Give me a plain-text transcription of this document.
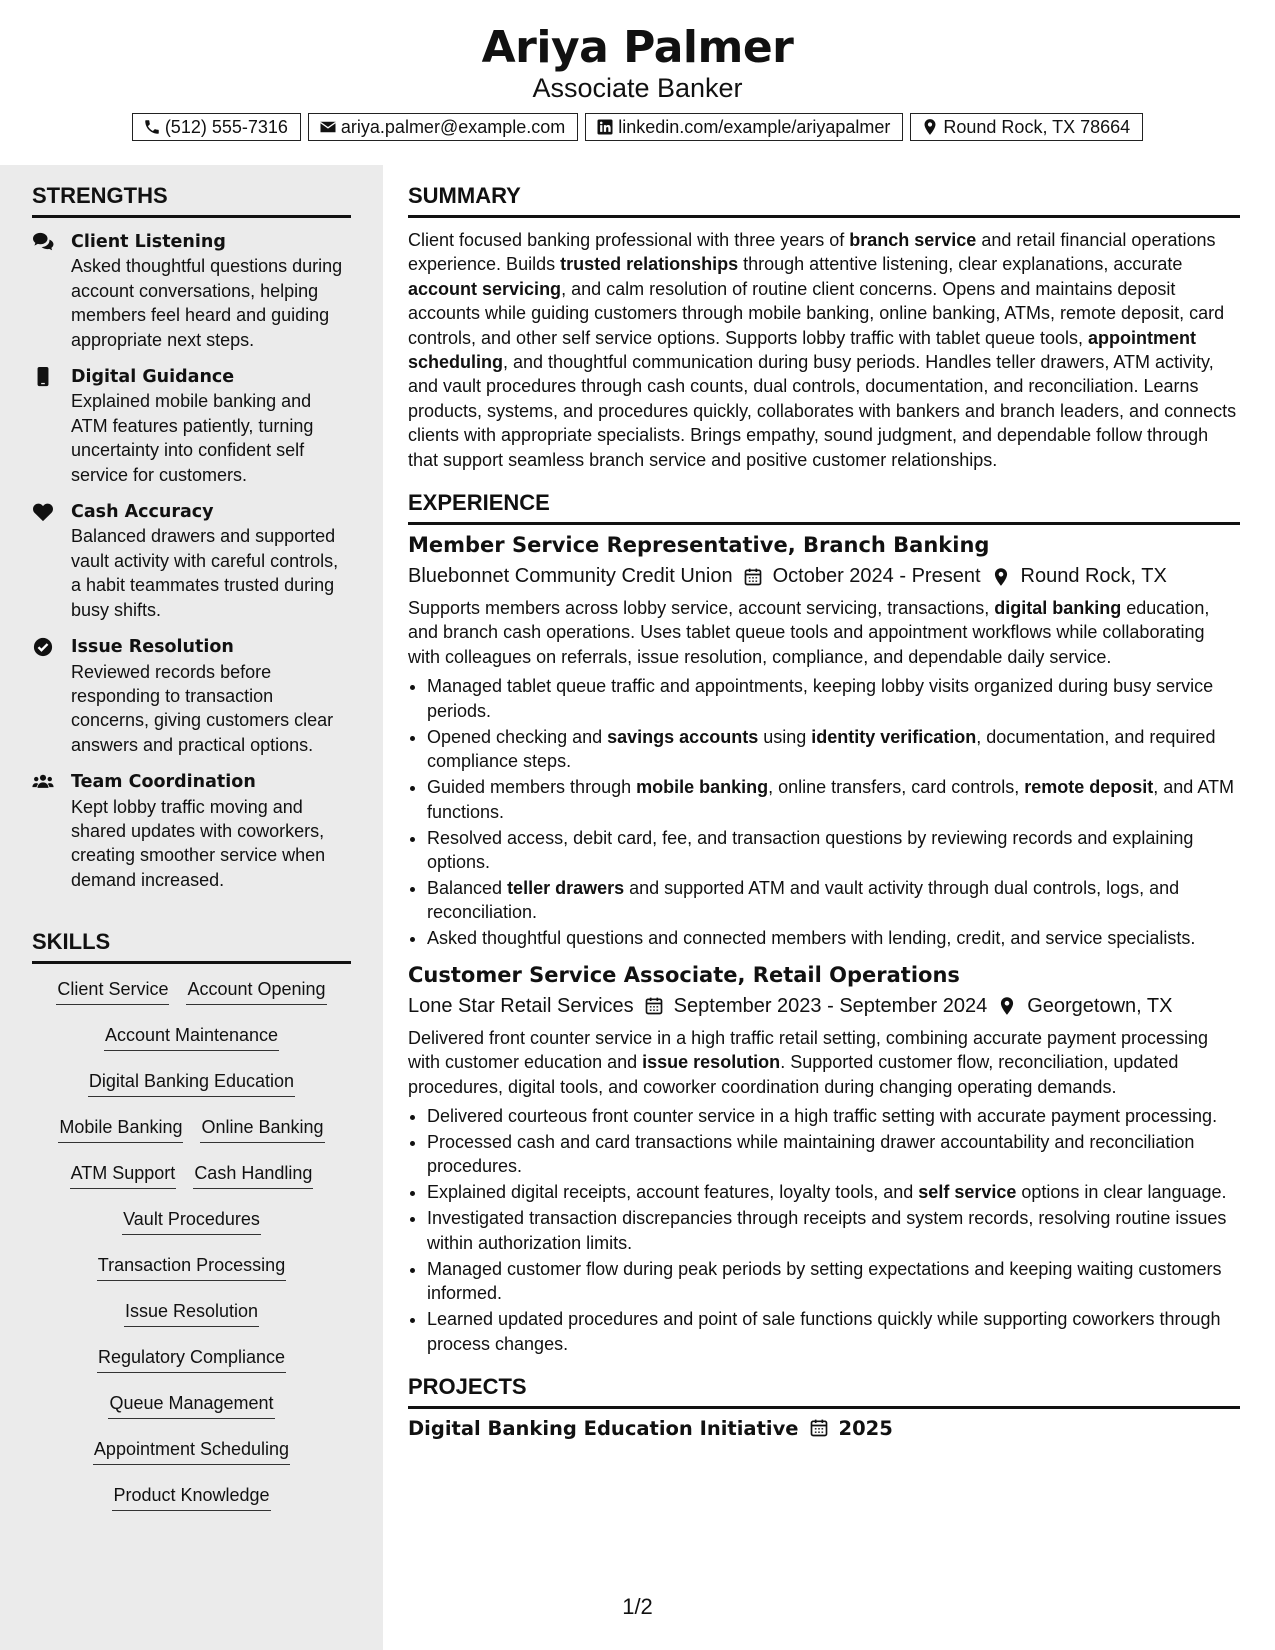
Ariya Palmer
Associate Banker
(512) 555-7316	ariya.palmer@example.com	linkedin.com/example/ariyapalmer	Round Rock, TX 78664
STRENGTHS
Client Listening
Asked thoughtful questions during account conversations, helping members feel heard and guiding appropriate next steps.
Digital Guidance
Explained mobile banking and ATM features patiently, turning uncertainty into confident self service for customers.
Cash Accuracy
Balanced drawers and supported vault activity with careful controls, a habit teammates trusted during busy shifts.
Issue Resolution
Reviewed records before responding to transaction concerns, giving customers clear answers and practical options.
Team Coordination
Kept lobby traffic moving and shared updates with coworkers, creating smoother service when demand increased.
SKILLS
Client Service Account Opening
Account Maintenance
Digital Banking Education
Mobile Banking Online Banking
ATM Support Cash Handling
Vault Procedures
Transaction Processing
Issue Resolution
Regulatory Compliance
Queue Management
Appointment Scheduling
Product Knowledge
SUMMARY
Client focused banking professional with three years of branch service and retail financial operations experience. Builds trusted relationships through attentive listening, clear explanations, accurate account servicing, and calm resolution of routine client concerns. Opens and maintains deposit accounts while guiding customers through mobile banking, online banking, ATMs, remote deposit, card controls, and other self service options. Supports lobby traffic with tablet queue tools, appointment scheduling, and thoughtful communication during busy periods. Handles teller drawers, ATM activity, and vault procedures through cash counts, dual controls, documentation, and reconciliation. Learns products, systems, and procedures quickly, collaborates with bankers and branch leaders, and connects clients with appropriate specialists. Brings empathy, sound judgment, and dependable follow through that support seamless branch service and positive customer relationships.
EXPERIENCE
Member Service Representative, Branch Banking
Bluebonnet Community Credit Union October 2024 - Present Round Rock, TX
Supports members across lobby service, account servicing, transactions, digital banking education, and branch cash operations. Uses tablet queue tools and appointment workflows while collaborating with colleagues on referrals, issue resolution, compliance, and dependable daily service.
• Managed tablet queue traffic and appointments, keeping lobby visits organized during busy service periods.
• Opened checking and savings accounts using identity verification, documentation, and required compliance steps.
• Guided members through mobile banking, online transfers, card controls, remote deposit, and ATM functions.
• Resolved access, debit card, fee, and transaction questions by reviewing records and explaining options.
• Balanced teller drawers and supported ATM and vault activity through dual controls, logs, and reconciliation.
• Asked thoughtful questions and connected members with lending, credit, and service specialists.
Customer Service Associate, Retail Operations
Lone Star Retail Services September 2023 - September 2024 Georgetown, TX
Delivered front counter service in a high traffic retail setting, combining accurate payment processing with customer education and issue resolution. Supported customer flow, reconciliation, updated procedures, digital tools, and coworker coordination during changing operating demands.
• Delivered courteous front counter service in a high traffic setting with accurate payment processing.
• Processed cash and card transactions while maintaining drawer accountability and reconciliation procedures.
• Explained digital receipts, account features, loyalty tools, and self service options in clear language.
• Investigated transaction discrepancies through receipts and system records, resolving routine issues within authorization limits.
• Managed customer flow during peak periods by setting expectations and keeping waiting customers informed.
• Learned updated procedures and point of sale functions quickly while supporting coworkers through process changes.
PROJECTS
Digital Banking Education Initiative 2025
1/2
